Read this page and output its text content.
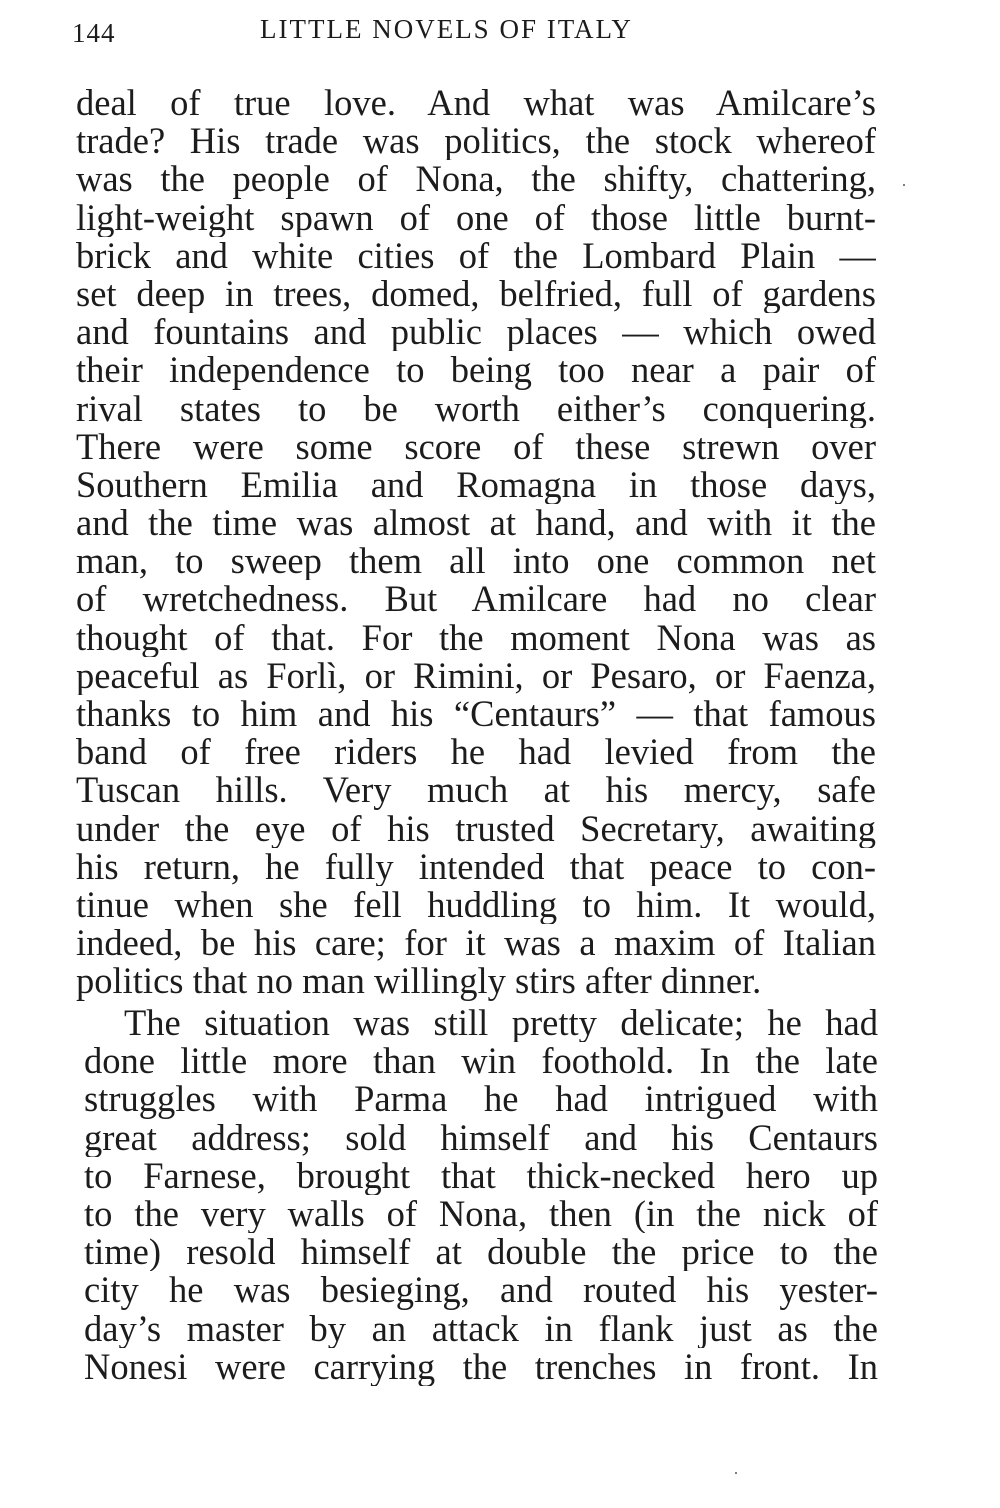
144	LITTLE NOVELS OF ITALY
deal of true love. And what was Amilcare’s
trade? His trade was politics, the stock whereof
was the people of Nona, the shifty, chattering,
light-weight spawn of one of those little burnt-
brick and white cities of the Lombard Plain —
set deep in trees, domed, belfried, full of gardens
and fountains and public places — which owed
their independence to being too near a pair of
rival states to be worth either’s conquering.
There were some score of these strewn over
Southern Emilia and Romagna in those days,
and the time was almost at hand, and with it the
man, to sweep them all into one common net
of wretchedness. But Amilcare had no clear
thought of that. For the moment Nona was as
peaceful as Forlì, or Rimini, or Pesaro, or Faenza,
thanks to him and his “Centaurs” — that famous
band of free riders he had levied from the
Tuscan hills. Very much at his mercy, safe
under the eye of his trusted Secretary, awaiting
his return, he fully intended that peace to con-
tinue when she fell huddling to him. It would,
indeed, be his care; for it was a maxim of Italian
politics that no man willingly stirs after dinner.
The situation was still pretty delicate; he had
done little more than win foothold. In the late
struggles with Parma he had intrigued with
great address; sold himself and his Centaurs
to Farnese, brought that thick-necked hero up
to the very walls of Nona, then (in the nick of
time) resold himself at double the price to the
city he was besieging, and routed his yester-
day’s master by an attack in flank just as the
Nonesi were carrying the trenches in front. In
